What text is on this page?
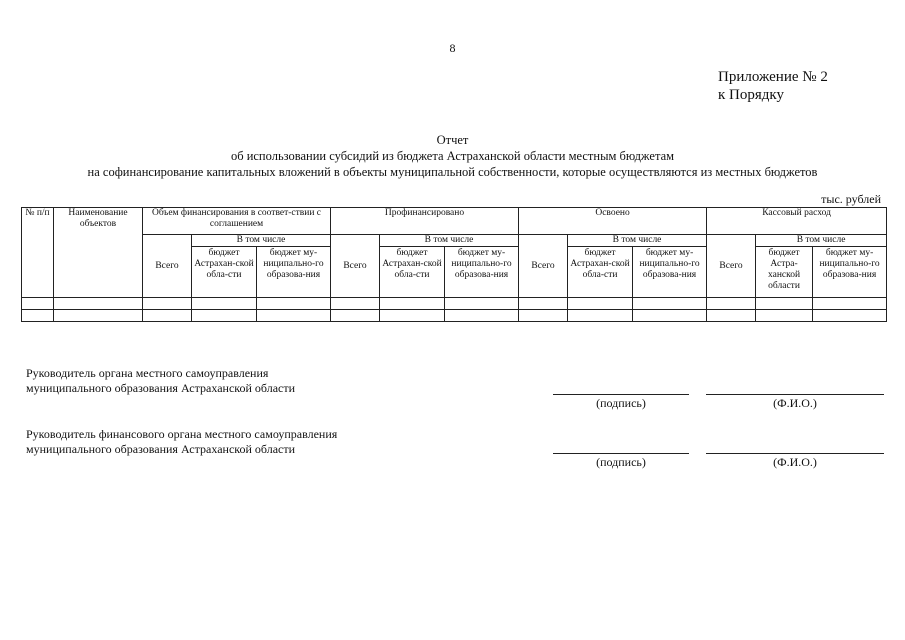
8
Приложение № 2
к Порядку
Отчет
об использовании субсидий из бюджета Астраханской области местным бюджетам
на софинансирование капитальных вложений в объекты муниципальной собственности, которые осуществляются из местных бюджетов
тыс. рублей
№ п/п	Наименование объектов	Объем финансирования в соответ-ствии с соглашением			Профинансировано			Освоено			Кассовый расход		
		Всего	В том числе		Всего	В том числе		Всего	В том числе		Всего	В том числе	
			бюджет Астрахан-ской обла-сти	бюджет му-ниципально-го образова-ния		бюджет Астрахан-ской обла-сти	бюджет му-ниципально-го образова-ния		бюджет Астрахан-ской обла-сти	бюджет му-ниципально-го образова-ния		бюджет Астра-ханской области	бюджет му-ниципально-го образова-ния

Руководитель органа местного самоуправления
муниципального образования Астраханской области
(подпись)	(Ф.И.О.)
Руководитель финансового органа местного самоуправления
муниципального образования Астраханской области
(подпись)	(Ф.И.О.)
